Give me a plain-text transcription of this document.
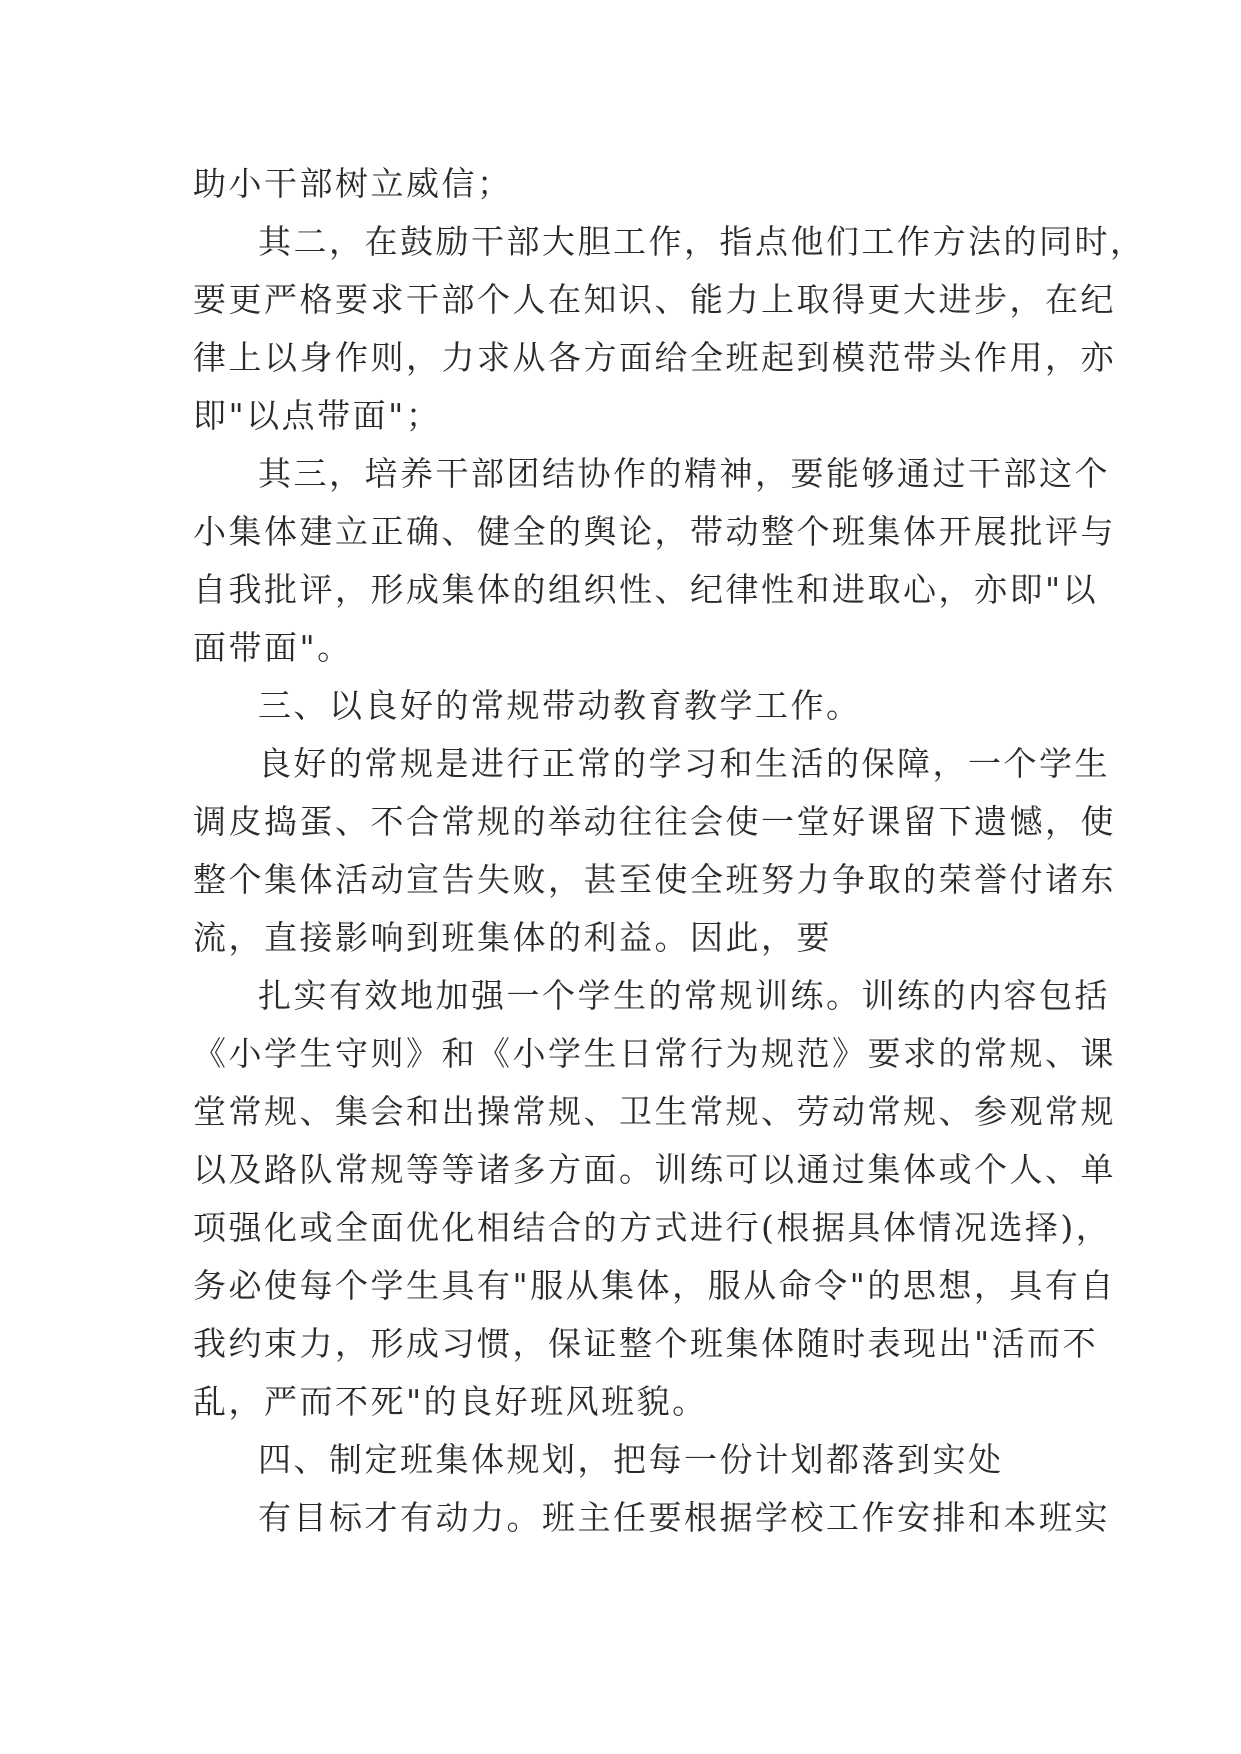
助小干部树立威信；
其二，在鼓励干部大胆工作，指点他们工作方法的同时，
要更严格要求干部个人在知识、能力上取得更大进步，在纪
律上以身作则，力求从各方面给全班起到模范带头作用，亦
即"以点带面"；
其三，培养干部团结协作的精神，要能够通过干部这个
小集体建立正确、健全的舆论，带动整个班集体开展批评与
自我批评，形成集体的组织性、纪律性和进取心，亦即"以
面带面"。
三、以良好的常规带动教育教学工作。
良好的常规是进行正常的学习和生活的保障，一个学生
调皮捣蛋、不合常规的举动往往会使一堂好课留下遗憾，使
整个集体活动宣告失败，甚至使全班努力争取的荣誉付诸东
流，直接影响到班集体的利益。因此，要
扎实有效地加强一个学生的常规训练。训练的内容包括
《小学生守则》和《小学生日常行为规范》要求的常规、课
堂常规、集会和出操常规、卫生常规、劳动常规、参观常规
以及路队常规等等诸多方面。训练可以通过集体或个人、单
项强化或全面优化相结合的方式进行(根据具体情况选择)，
务必使每个学生具有"服从集体，服从命令"的思想，具有自
我约束力，形成习惯，保证整个班集体随时表现出"活而不
乱，严而不死"的良好班风班貌。
四、制定班集体规划，把每一份计划都落到实处
有目标才有动力。班主任要根据学校工作安排和本班实
